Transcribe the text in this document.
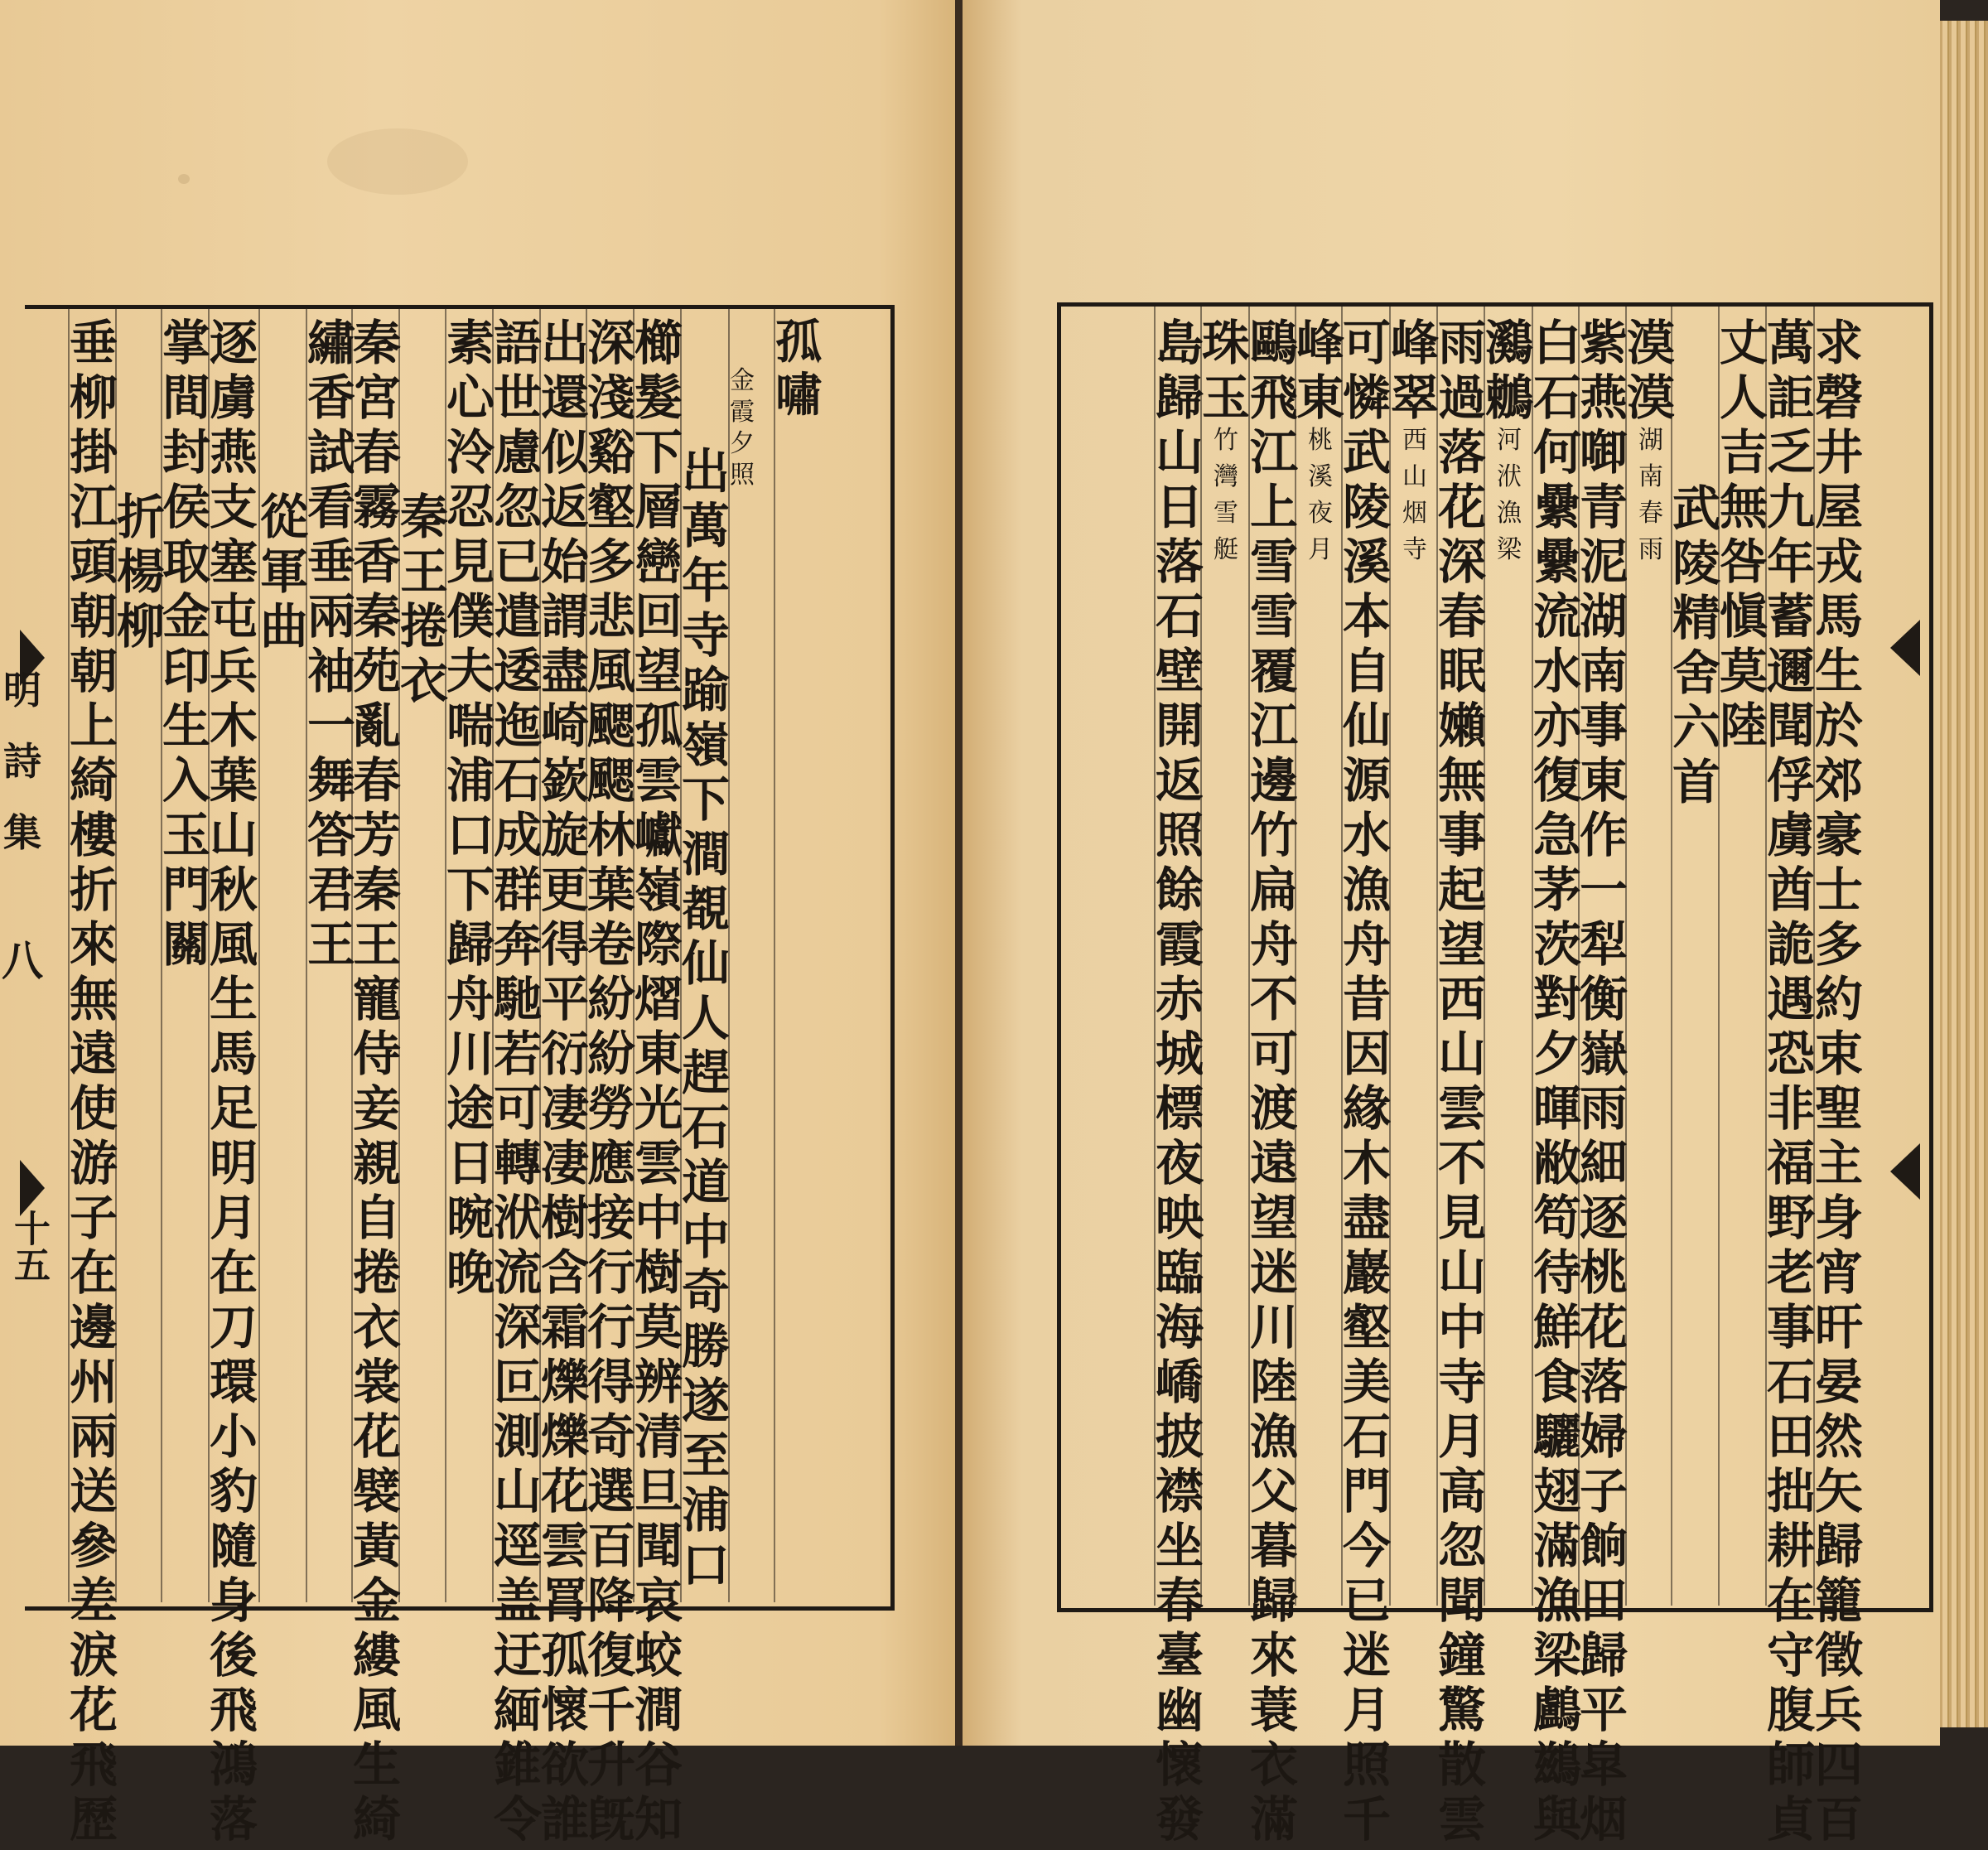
明
詩
集
八
十五
孤
嘯
金
霞
夕
照
出
萬
年
寺
踰
嶺
下
澗
覩
仙
人
趕
石
道
中
奇
勝
遂
至
浦
口
櫛
髮
下
層
巒
回
望
孤
雲
巘
嶺
際
熠
東
光
雲
中
樹
莫
辨
清
旦
聞
哀
蛟
澗
谷
知
深
淺
谿
壑
多
悲
風
颸
颸
林
葉
卷
紛
紛
勞
應
接
行
行
得
奇
選
百
降
復
千
升
旣
出
還
似
返
始
謂
盡
崎
嶔
旋
更
得
平
衍
凄
凄
樹
含
霜
爍
爍
花
雲
罥
孤
懷
欲
誰
語
世
慮
忽
已
遣
逶
迤
石
成
群
奔
馳
若
可
轉
洑
流
深
叵
測
山
逕
盖
迂
緬
錐
令
素
心
泠
忍
見
僕
夫
喘
浦
口
下
歸
舟
川
途
日
晼
晚
秦
王
捲
衣
秦
宮
春
霧
香
秦
苑
亂
春
芳
秦
王
寵
侍
妾
親
自
捲
衣
裳
花
襞
黃
金
縷
風
生
綺
繡
香
試
看
垂
兩
袖
一
舞
答
君
王
從
軍
曲
逐
虜
燕
支
塞
屯
兵
木
葉
山
秋
風
生
馬
足
明
月
在
刀
環
小
豹
隨
身
後
飛
鴻
落
掌
間
封
侯
取
金
印
生
入
玉
門
關
折
楊
柳
垂
柳
掛
江
頭
朝
朝
上
綺
樓
折
來
無
遠
使
游
子
在
邊
州
兩
送
參
差
淚
花
飛
歷
求
磬
井
屋
戎
馬
生
於
郊
豪
士
多
約
束
聖
主
身
宵
旰
晏
然
矢
歸
籠
徵
兵
四
百
萬
詎
乏
九
年
蓄
邇
聞
俘
虜
酋
詭
遇
恐
非
福
野
老
事
石
田
拙
耕
在
守
腹
師
貞
丈
人
吉
無
咎
愼
莫
陸
武
陵
精
舍
六
首
漠
漠
湖
南
春
雨
紫
燕
啣
青
泥
湖
南
事
東
作
一
犁
衡
嶽
雨
細
逐
桃
花
落
婦
子
餉
田
歸
平
皐
烟
白
石
何
纍
纍
流
水
亦
復
急
茅
茨
對
夕
暉
敝
笱
待
鮮
食
驪
翅
滿
漁
梁
鸕
鷀
與
鸂
鶒
河
洑
漁
梁
雨
過
落
花
深
春
眠
嬾
無
事
起
望
西
山
雲
不
見
山
中
寺
月
高
忽
聞
鐘
驚
散
雲
峰
翠
西
山
烟
寺
可
憐
武
陵
溪
本
自
仙
源
水
漁
舟
昔
因
緣
木
盡
巖
壑
美
石
門
今
已
迷
月
照
千
峰
東
桃
溪
夜
月
鷗
飛
江
上
雪
雪
覆
江
邊
竹
扁
舟
不
可
渡
遠
望
迷
川
陸
漁
父
暮
歸
來
蓑
衣
滿
珠
玉
竹
灣
雪
艇
島
歸
山
日
落
石
壁
開
返
照
餘
霞
赤
城
標
夜
映
臨
海
嶠
披
襟
坐
春
臺
幽
懷
發
